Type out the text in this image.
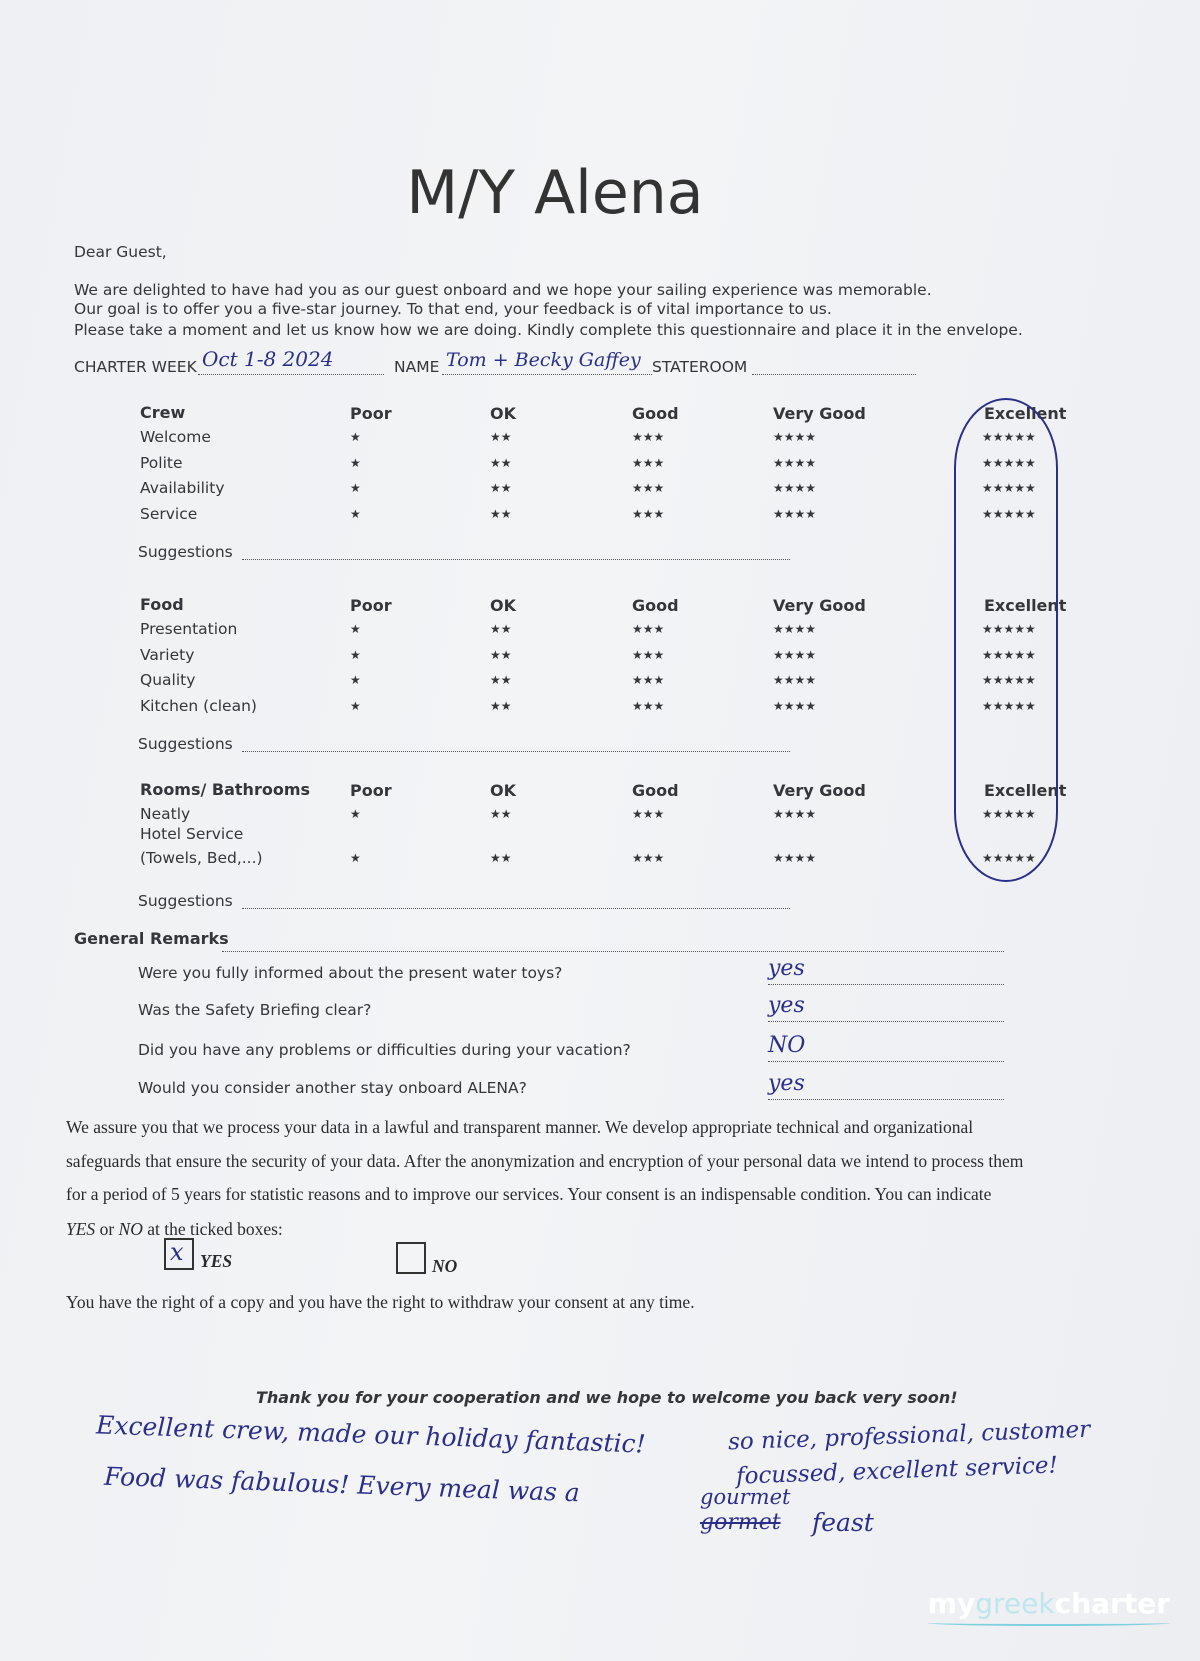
M/Y Alena
Dear Guest,
We are delighted to have had you as our guest onboard and we hope your sailing experience was memorable.
Our goal is to offer you a five-star journey. To that end, your feedback is of vital importance to us.
Please take a moment and let us know how we are doing. Kindly complete this questionnaire and place it in the envelope.
CHARTER WEEK Oct 1-8 2024	NAME Tom + Becky Gaffey STATEROOM
Crew	Poor	OK	Good	Very Good	Excellent
Welcome	★	★★	★★★	★★★★	★★★★★
Polite	★	★★	★★★	★★★★	★★★★★
Availability	★	★★	★★★	★★★★	★★★★★
Service	★	★★	★★★	★★★★	★★★★★
Suggestions
Food	Poor	OK	Good	Very Good	Excellent
Presentation	★	★★	★★★	★★★★	★★★★★
Variety	★	★★	★★★	★★★★	★★★★★
Quality	★	★★	★★★	★★★★	★★★★★
Kitchen (clean)	★	★★	★★★	★★★★	★★★★★
Suggestions
Rooms/ Bathrooms Poor	OK	Good	Very Good	Excellent
Neatly	★	★★	★★★	★★★★	★★★★★
Hotel Service
(Towels, Bed,...)	★	★★	★★★	★★★★	★★★★★
Suggestions
General Remarks
Were you fully informed about the present water toys?	yes
Was the Safety Briefing clear?	yes
Did you have any problems or difficulties during your vacation?	NO
Would you consider another stay onboard ALENA?	yes
We assure you that we process your data in a lawful and transparent manner. We develop appropriate technical and organizational
safeguards that ensure the security of your data. After the anonymization and encryption of your personal data we intend to process them
for a period of 5 years for statistic reasons and to improve our services. Your consent is an indispensable condition. You can indicate
YES or NO at the ticked boxes:
x YES	NO
You have the right of a copy and you have the right to withdraw your consent at any time.
Thank you for your cooperation and we hope to welcome you back very soon!
Excellent crew, made our holiday fantastic!	so nice, professional, customer
Food was fabulous! Every meal was a	focussed, excellent service!
gourmet
gormet feast
mygreekcharter
